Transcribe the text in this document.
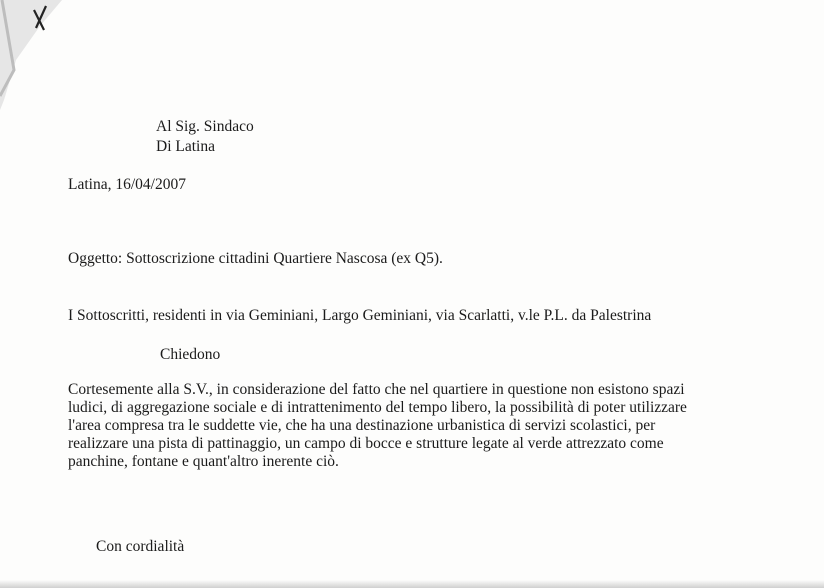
Al Sig. Sindaco
Di Latina
Latina, 16/04/2007
Oggetto: Sottoscrizione cittadini Quartiere Nascosa (ex Q5).
I Sottoscritti, residenti in via Geminiani, Largo Geminiani, via Scarlatti, v.le P.L. da Palestrina
Chiedono
Cortesemente alla S.V., in considerazione del fatto che nel quartiere in questione non esistono spazi
ludici, di aggregazione sociale e di intrattenimento del tempo libero, la possibilità di poter utilizzare
l'area compresa tra le suddette vie, che ha una destinazione urbanistica di servizi scolastici, per
realizzare una pista di pattinaggio, un campo di bocce e strutture legate al verde attrezzato come
panchine, fontane e quant'altro inerente ciò.
Con cordialità
